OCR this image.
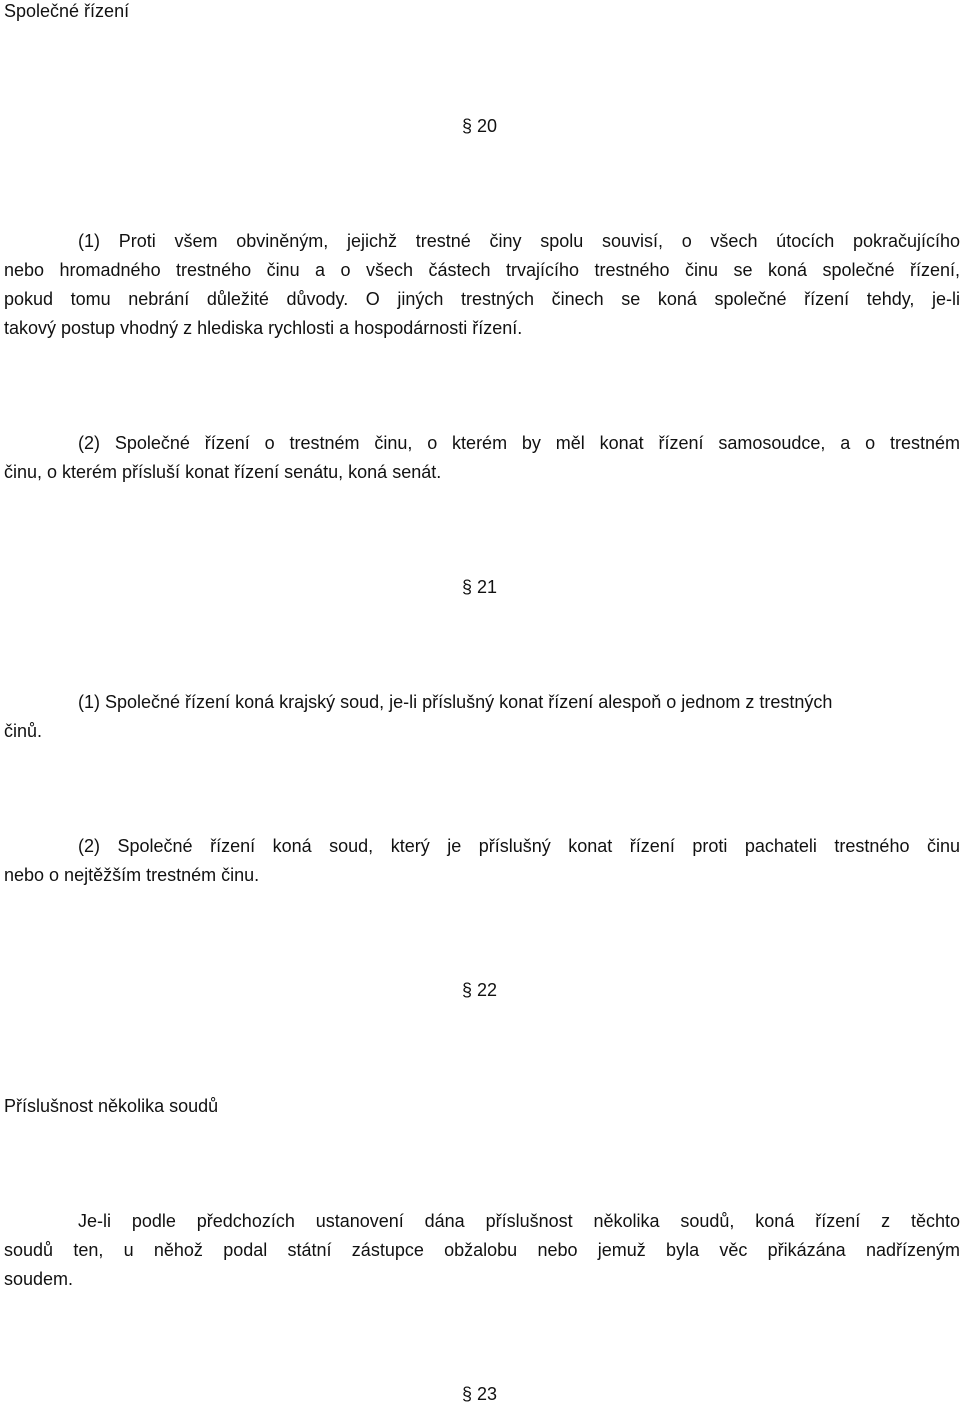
Společné řízení
§ 20
(1) Proti všem obviněným, jejichž trestné činy spolu souvisí, o všech útocích pokračujícího
nebo hromadného trestného činu a o všech částech trvajícího trestného činu se koná společné řízení,
pokud tomu nebrání důležité důvody. O jiných trestných činech se koná společné řízení tehdy, je-li
takový postup vhodný z hlediska rychlosti a hospodárnosti řízení.
(2) Společné řízení o trestném činu, o kterém by měl konat řízení samosoudce, a o trestném
činu, o kterém přísluší konat řízení senátu, koná senát.
§ 21
(1) Společné řízení koná krajský soud, je-li příslušný konat řízení alespoň o jednom z trestných
činů.
(2) Společné řízení koná soud, který je příslušný konat řízení proti pachateli trestného činu
nebo o nejtěžším trestném činu.
§ 22
Příslušnost několika soudů
Je-li podle předchozích ustanovení dána příslušnost několika soudů, koná řízení z těchto
soudů ten, u něhož podal státní zástupce obžalobu nebo jemuž byla věc přikázána nadřízeným
soudem.
§ 23
